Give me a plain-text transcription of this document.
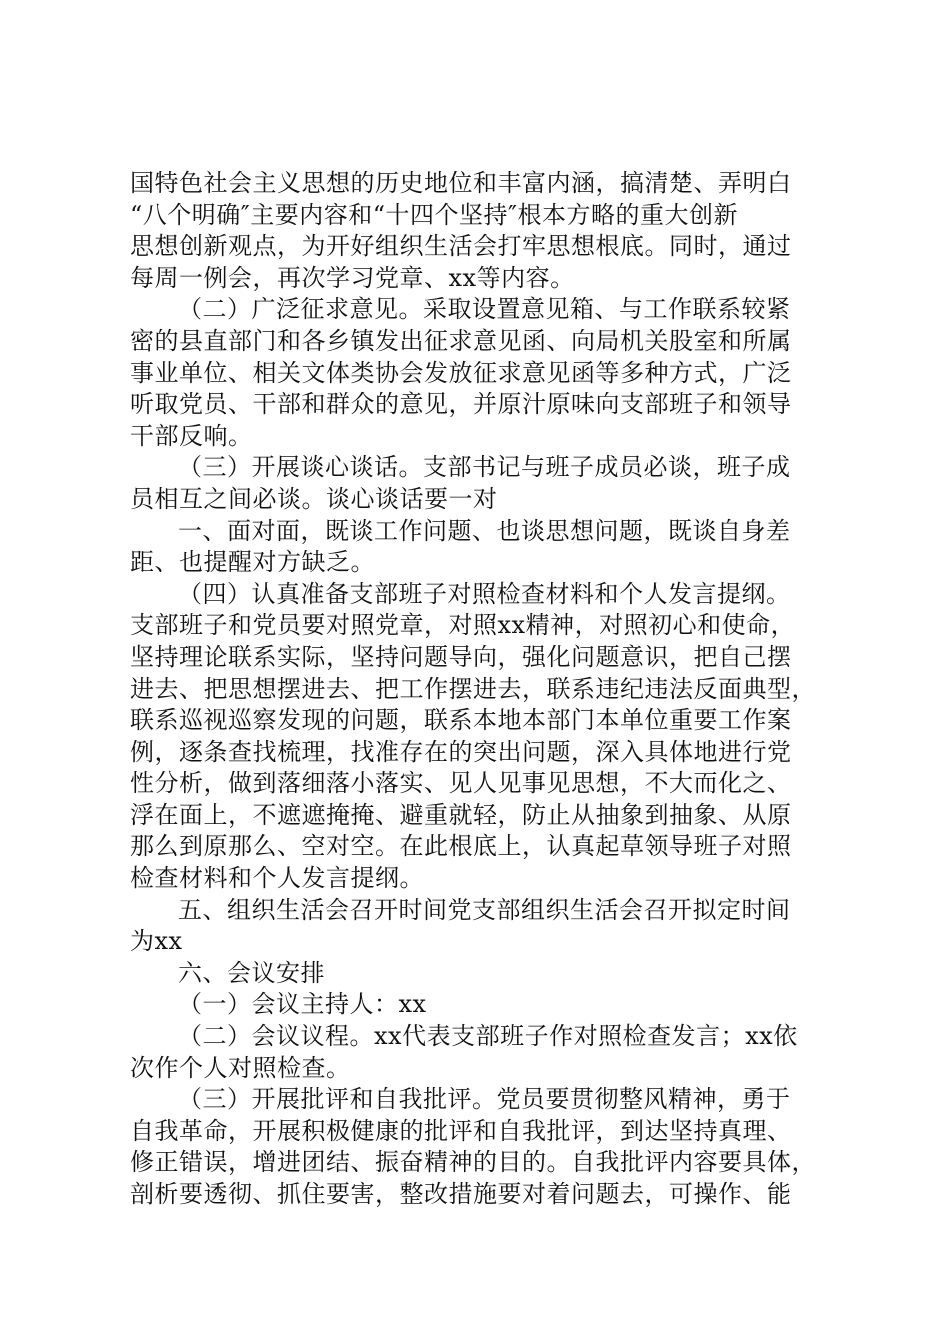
国特色社会主义思想的历史地位和丰富内涵，搞清楚、弄明白
“八个明确″主要内容和“十四个坚持″根本方略的重大创新
思想创新观点，为开好组织生活会打牢思想根底。同时，通过
每周一例会，再次学习党章、xx等内容。
（二）广泛征求意见。采取设置意见箱、与工作联系较紧
密的县直部门和各乡镇发出征求意见函、向局机关股室和所属
事业单位、相关文体类协会发放征求意见函等多种方式，广泛
听取党员、干部和群众的意见，并原汁原味向支部班子和领导
干部反响。
（三）开展谈心谈话。支部书记与班子成员必谈，班子成
员相互之间必谈。谈心谈话要一对
一、面对面，既谈工作问题、也谈思想问题，既谈自身差
距、也提醒对方缺乏。
（四）认真准备支部班子对照检查材料和个人发言提纲。
支部班子和党员要对照党章，对照xx精神，对照初心和使命，
坚持理论联系实际，坚持问题导向，强化问题意识，把自己摆
进去、把思想摆进去、把工作摆进去，联系违纪违法反面典型，
联系巡视巡察发现的问题，联系本地本部门本单位重要工作案
例，逐条查找梳理，找准存在的突出问题，深入具体地进行党
性分析，做到落细落小落实、见人见事见思想，不大而化之、
浮在面上，不遮遮掩掩、避重就轻，防止从抽象到抽象、从原
那么到原那么、空对空。在此根底上，认真起草领导班子对照
检查材料和个人发言提纲。
五、组织生活会召开时间党支部组织生活会召开拟定时间
为xx
六、会议安排
（一）会议主持人：xx
（二）会议议程。xx代表支部班子作对照检查发言；xx依
次作个人对照检查。
（三）开展批评和自我批评。党员要贯彻整风精神，勇于
自我革命，开展积极健康的批评和自我批评，到达坚持真理、
修正错误，增进团结、振奋精神的目的。自我批评内容要具体，
剖析要透彻、抓住要害，整改措施要对着问题去，可操作、能
